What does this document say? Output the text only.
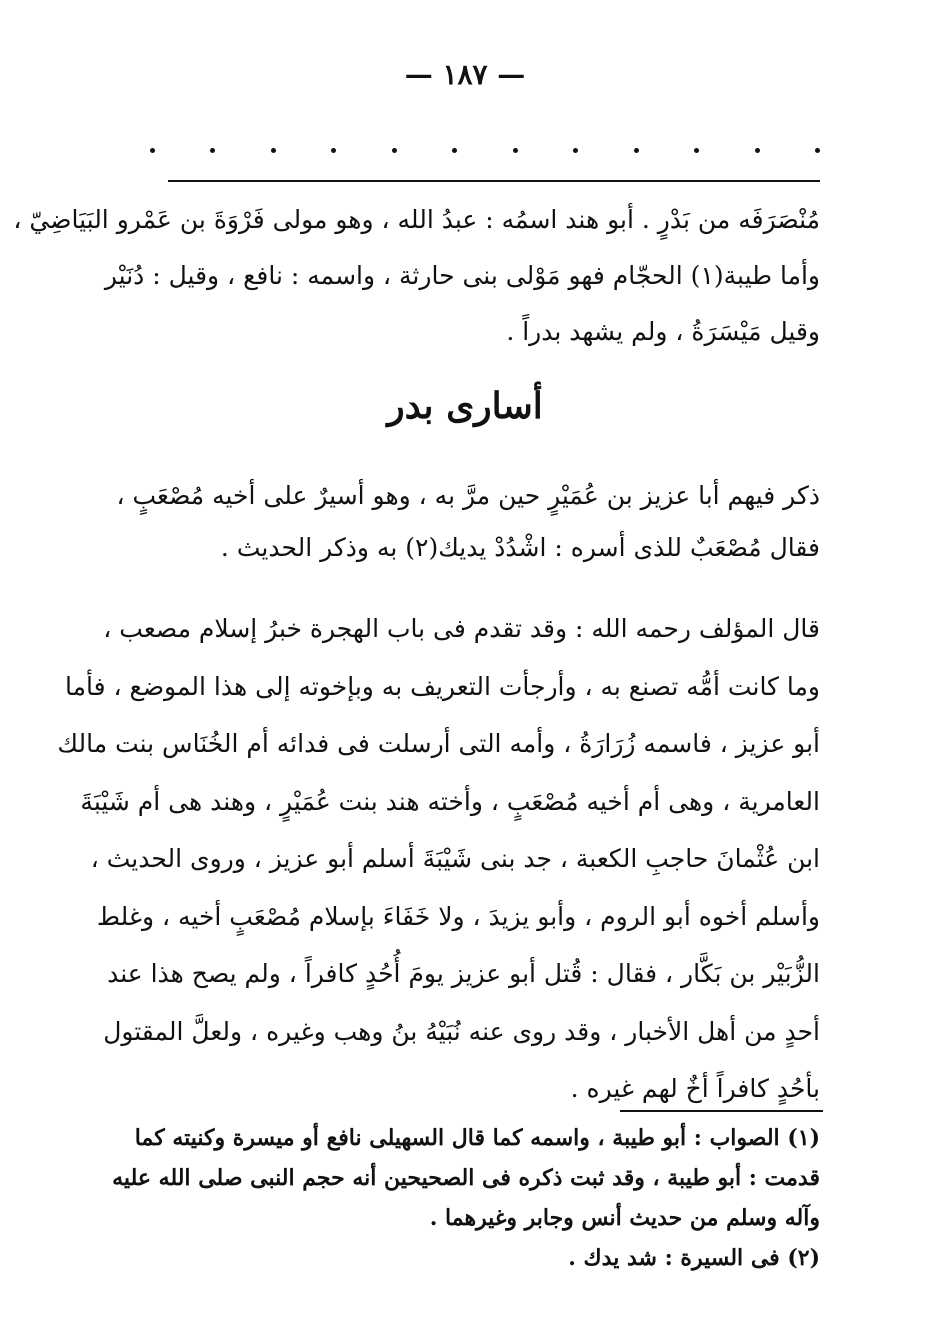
— ١٨٧ —
مُنْصَرَفَه من بَدْرٍ . أبو هند اسمُه : عبدُ الله ، وهو مولى فَرْوَةَ بن عَمْرو البَيَاضِيّ ،
وأما طيبة(١) الحجّام فهو مَوْلى بنى حارثة ، واسمه : نافع ، وقيل : دُنَيْر
وقيل مَيْسَرَةُ ، ولم يشهد بدراً .
أسارى بدر
ذكر فيهم أبا عزيز بن عُمَيْرٍ حين مرَّ به ، وهو أسيرٌ على أخيه مُصْعَبٍ ،
فقال مُصْعَبٌ للذى أسره : اشْدُدْ يديك(٢) به وذكر الحديث .
قال المؤلف رحمه الله : وقد تقدم فى باب الهجرة خبرُ إسلام مصعب ،
وما كانت أمُّه تصنع به ، وأرجأت التعريف به وبإخوته إلى هذا الموضع ، فأما
أبو عزيز ، فاسمه زُرَارَةُ ، وأمه التى أرسلت فى فدائه أم الخُنَاس بنت مالك
العامرية ، وهى أم أخيه مُصْعَبٍ ، وأخته هند بنت عُمَيْرٍ ، وهند هى أم شَيْبَةَ
ابن عُثْمانَ حاجبِ الكعبة ، جد بنى شَيْبَةَ أسلم أبو عزيز ، وروى الحديث ،
وأسلم أخوه أبو الروم ، وأبو يزيدَ ، ولا خَفَاءَ بإسلام مُصْعَبٍ أخيه ، وغلط
الزُّبَيْر بن بَكَّار ، فقال : قُتل أبو عزيز يومَ أُحُدٍ كافراً ، ولم يصح هذا عند
أحدٍ من أهل الأخبار ، وقد روى عنه نُبَيْهُ بنُ وهب وغيره ، ولعلَّ المقتول
بأحُدٍ كافراً أخٌ لهم غيره .
(١) الصواب : أبو طيبة ، واسمه كما قال السهيلى نافع أو ميسرة وكنيته كما
قدمت : أبو طيبة ، وقد ثبت ذكره فى الصحيحين أنه حجم النبى صلى الله عليه
وآله وسلم من حديث أنس وجابر وغيرهما .
(٢) فى السيرة : شد يدك .
